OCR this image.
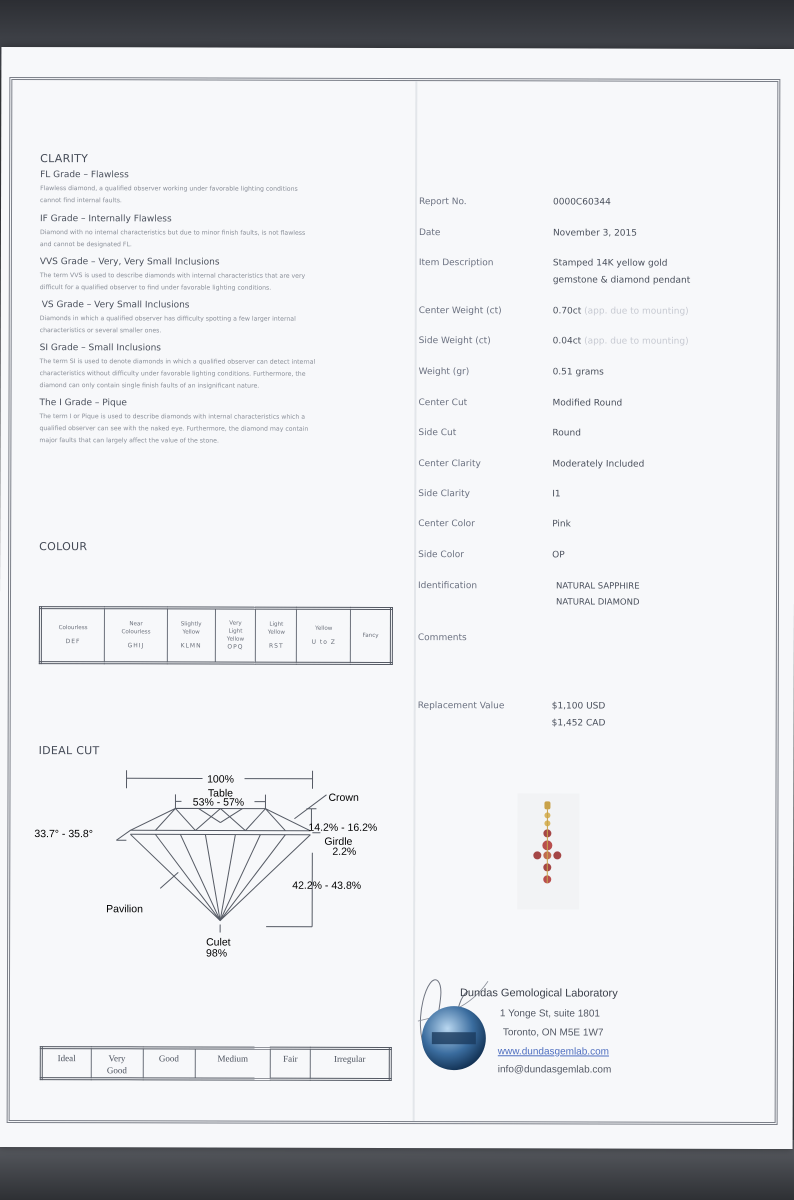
CLARITY
FL Grade – Flawless
Flawless diamond, a qualified observer working under favorable lighting conditions
cannot find internal faults.
IF Grade – Internally Flawless
Diamond with no internal characteristics but due to minor finish faults, is not flawless
and cannot be designated FL.
VVS Grade – Very, Very Small Inclusions
The term VVS is used to describe diamonds with internal characteristics that are very
difficult for a qualified observer to find under favorable lighting conditions.
VS Grade – Very Small Inclusions
Diamonds in which a qualified observer has difficulty spotting a few larger internal
characteristics or several smaller ones.
SI Grade – Small Inclusions
The term SI is used to denote diamonds in which a qualified observer can detect internal
characteristics without difficulty under favorable lighting conditions. Furthermore, the
diamond can only contain single finish faults of an insignificant nature.
The I Grade – Pique
The term I or Pique is used to describe diamonds with internal characteristics which a
qualified observer can see with the naked eye. Furthermore, the diamond may contain
major faults that can largely affect the value of the stone.
COLOUR
Colourless
DEF

Near
Colourless
GHIJ

Slightly
Yellow
KLMN

Very
Light
Yellow
OPQ

Light
Yellow
RST

Yellow
U to Z
	Fancy
IDEAL CUT
100%
Table
53% - 57%	Crown
33.7° - 35.8°
14.2% - 16.2%
Girdle
2.2%
42.2% - 43.8%
Pavilion
Culet
98%
Ideal	Very
Good
	Good	Medium	Fair	Irregular
Report No.	0000C60344
Date	November 3, 2015
Item Description	Stamped 14K yellow gold
gemstone & diamond pendant
Center Weight (ct)	0.70ct (app. due to mounting)
Side Weight (ct)	0.04ct (app. due to mounting)
Weight (gr)	0.51 grams
Center Cut	Modified Round
Side Cut	Round
Center Clarity	Moderately Included
Side Clarity	I1
Center Color	Pink
Side Color	OP
Identification	NATURAL SAPPHIRE
NATURAL DIAMOND
Comments
Replacement Value	$1,100 USD
$1,452 CAD
Dundas Gemological Laboratory
1 Yonge St, suite 1801
Toronto, ON M5E 1W7
www.dundasgemlab.com
info@dundasgemlab.com
